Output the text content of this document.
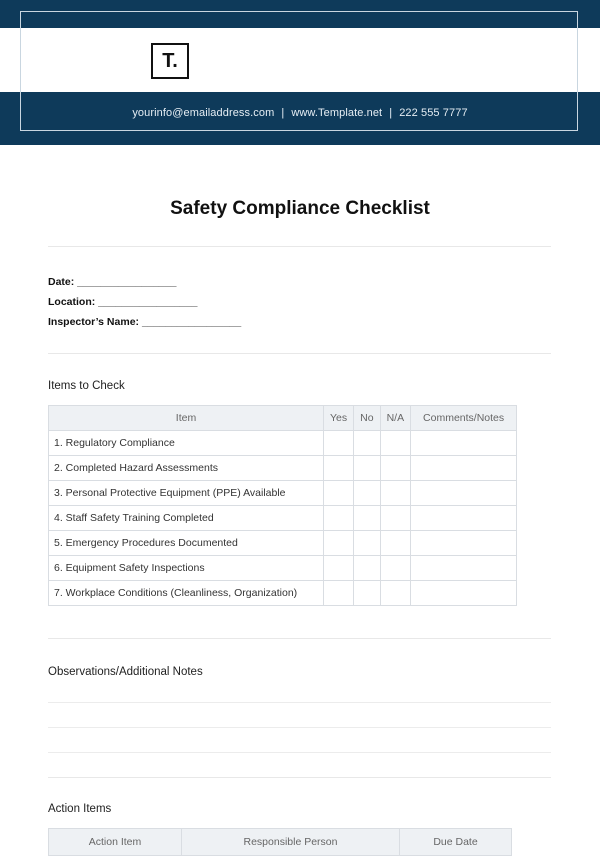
T.
yourinfo@emailaddress.com | www.Template.net | 222 555 7777
Safety Compliance Checklist
Date: _________________
Location: _________________
Inspector’s Name: _________________
Items to Check
Item	Yes	No	N/A	Comments/Notes
1. Regulatory Compliance				
2. Completed Hazard Assessments				
3. Personal Protective Equipment (PPE) Available				
4. Staff Safety Training Completed				
5. Emergency Procedures Documented				
6. Equipment Safety Inspections				
7. Workplace Conditions (Cleanliness, Organization)				
Observations/Additional Notes
Action Items
Action Item	Responsible Person	Due Date
